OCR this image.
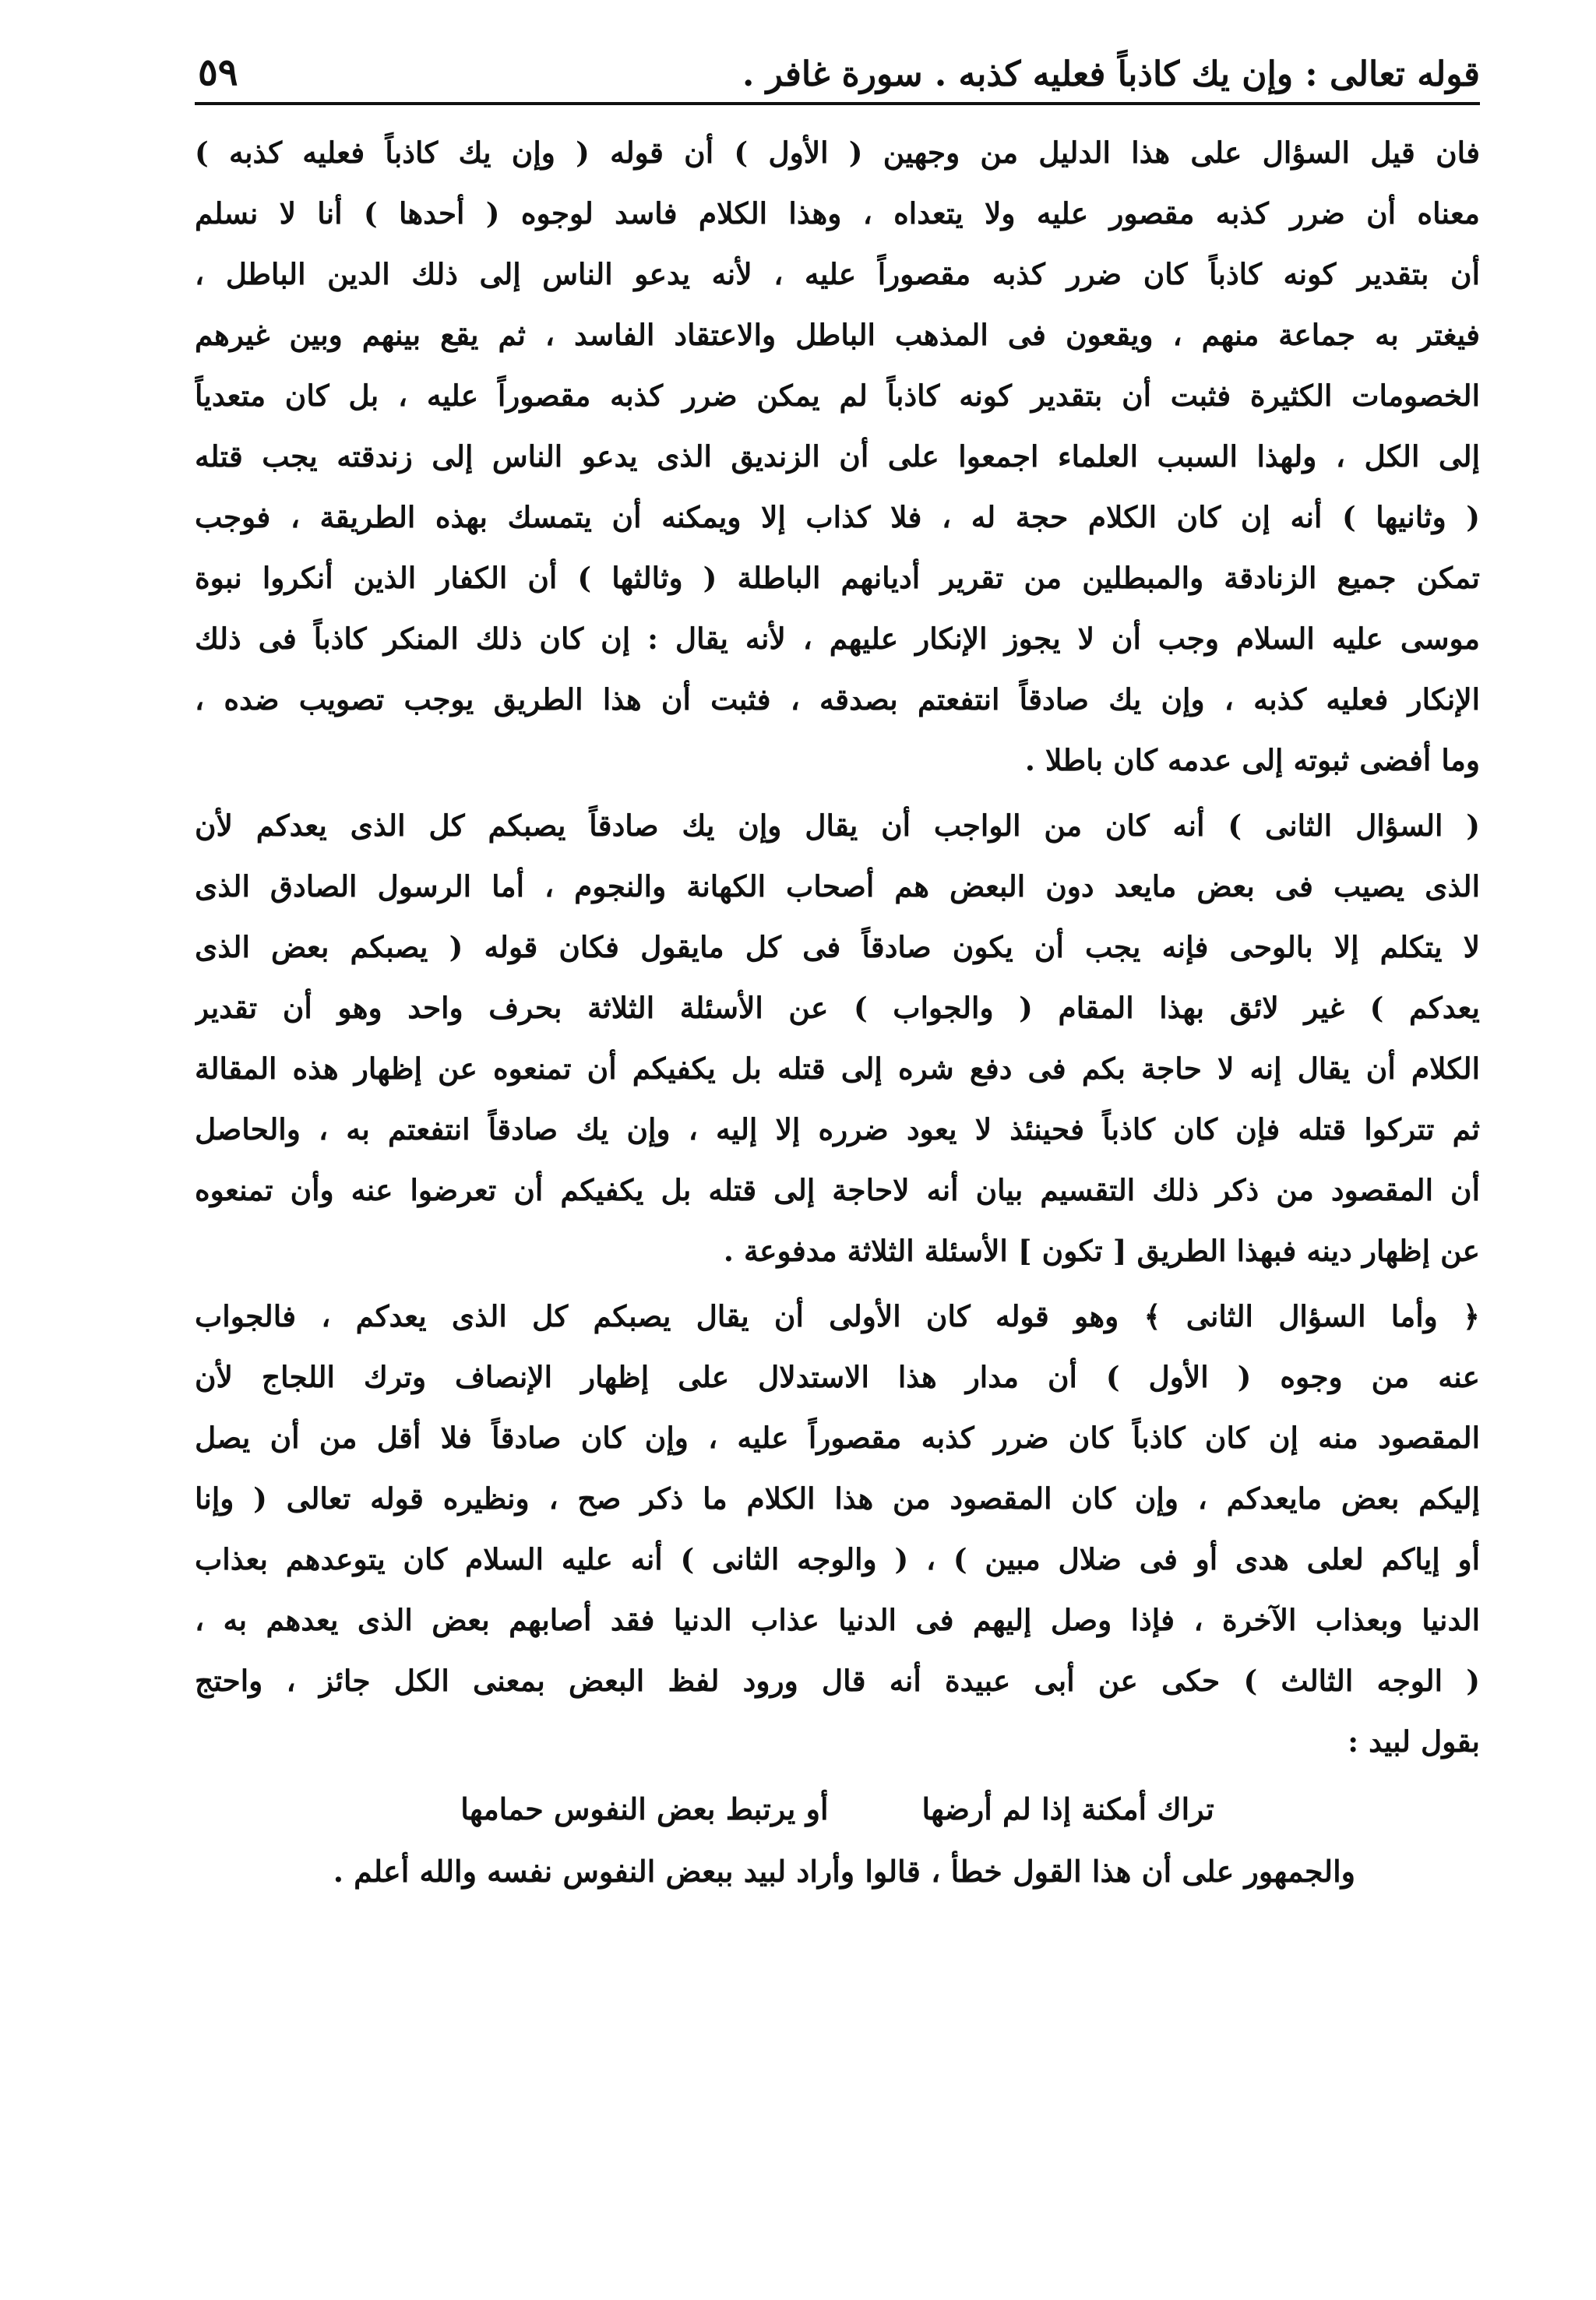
قوله تعالى : وإن يك كاذباً فعليه كذبه . سورة غافر .
٥٩
فان قيل السؤال على هذا الدليل من وجهين ( الأول ) أن قوله ( وإن يك كاذباً فعليه كذبه )
معناه أن ضرر كذبه مقصور عليه ولا يتعداه ، وهذا الكلام فاسد لوجوه ( أحدها ) أنا لا نسلم
أن بتقدير كونه كاذباً كان ضرر كذبه مقصوراً عليه ، لأنه يدعو الناس إلى ذلك الدين الباطل ،
فيغتر به جماعة منهم ، ويقعون فى المذهب الباطل والاعتقاد الفاسد ، ثم يقع بينهم وبين غيرهم
الخصومات الكثيرة فثبت أن بتقدير كونه كاذباً لم يمكن ضرر كذبه مقصوراً عليه ، بل كان متعدياً
إلى الكل ، ولهذا السبب العلماء اجمعوا على أن الزنديق الذى يدعو الناس إلى زندقته يجب قتله
( وثانيها ) أنه إن كان الكلام حجة له ، فلا كذاب إلا ويمكنه أن يتمسك بهذه الطريقة ، فوجب
تمكن جميع الزنادقة والمبطلين من تقرير أديانهم الباطلة ( وثالثها ) أن الكفار الذين أنكروا نبوة
موسى عليه السلام وجب أن لا يجوز الإنكار عليهم ، لأنه يقال : إن كان ذلك المنكر كاذباً فى ذلك
الإنكار فعليه كذبه ، وإن يك صادقاً انتفعتم بصدقه ، فثبت أن هذا الطريق يوجب تصويب ضده ،
وما أفضى ثبوته إلى عدمه كان باطلا .
( السؤال الثانى ) أنه كان من الواجب أن يقال وإن يك صادقاً يصبكم كل الذى يعدكم لأن
الذى يصيب فى بعض مايعد دون البعض هم أصحاب الكهانة والنجوم ، أما الرسول الصادق الذى
لا يتكلم إلا بالوحى فإنه يجب أن يكون صادقاً فى كل مايقول فكان قوله ( يصبكم بعض الذى
يعدكم ) غير لائق بهذا المقام ( والجواب ) عن الأسئلة الثلاثة بحرف واحد وهو أن تقدير
الكلام أن يقال إنه لا حاجة بكم فى دفع شره إلى قتله بل يكفيكم أن تمنعوه عن إظهار هذه المقالة
ثم تتركوا قتله فإن كان كاذباً فحينئذ لا يعود ضرره إلا إليه ، وإن يك صادقاً انتفعتم به ، والحاصل
أن المقصود من ذكر ذلك التقسيم بيان أنه لاحاجة إلى قتله بل يكفيكم أن تعرضوا عنه وأن تمنعوه
عن إظهار دينه فبهذا الطريق [ تكون ] الأسئلة الثلاثة مدفوعة .
﴿ وأما السؤال الثانى ﴾ وهو قوله كان الأولى أن يقال يصبكم كل الذى يعدكم ، فالجواب
عنه من وجوه ( الأول ) أن مدار هذا الاستدلال على إظهار الإنصاف وترك اللجاج لأن
المقصود منه إن كان كاذباً كان ضرر كذبه مقصوراً عليه ، وإن كان صادقاً فلا أقل من أن يصل
إليكم بعض مايعدكم ، وإن كان المقصود من هذا الكلام ما ذكر صح ، ونظيره قوله تعالى ( وإنا
أو إياكم لعلى هدى أو فى ضلال مبين ) ، ( والوجه الثانى ) أنه عليه السلام كان يتوعدهم بعذاب
الدنيا وبعذاب الآخرة ، فإذا وصل إليهم فى الدنيا عذاب الدنيا فقد أصابهم بعض الذى يعدهم به ،
( الوجه الثالث ) حكى عن أبى عبيدة أنه قال ورود لفظ البعض بمعنى الكل جائز ، واحتج
بقول لبيد :
تراك أمكنة إذا لم أرضها
أو يرتبط بعض النفوس حمامها
والجمهور على أن هذا القول خطأ ، قالوا وأراد لبيد ببعض النفوس نفسه والله أعلم .
